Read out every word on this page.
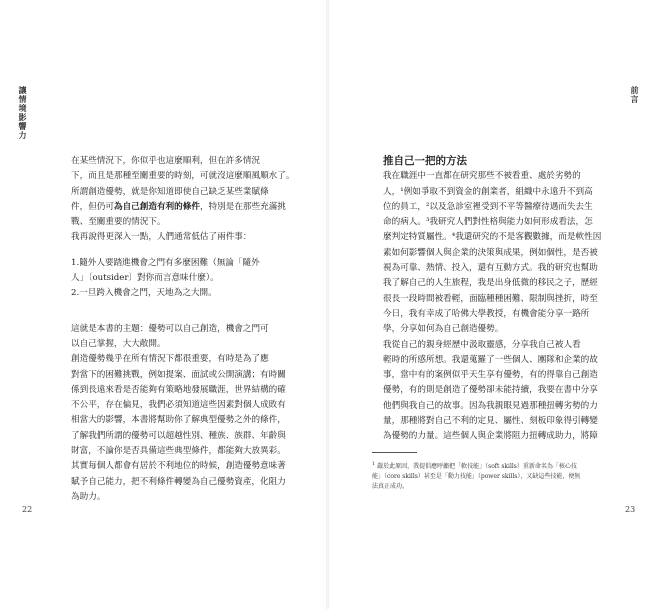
讓情境影響力	前言
在某些情況下，你似乎也這麼順利，但在許多情況
下，而且是那種至關重要的時刻，可就沒這麼順風順水了。
所謂創造優勢，就是你知道即使自己缺乏某些業賦條
件，但仍可為自己創造有利的條件，特別是在那些充滿挑
戰、至關重要的情況下。
我再說得更深入一點，人們通常低估了兩件事：
1.隨外人要踏進機會之門有多麼困難（無論「隨外
人」〔outsider〕對你而言意味什麼）。
2.一旦跨入機會之門，天地為之大開。
這就是本書的主題：優勢可以自己創造，機會之門可
以自己掌握，大大敞開。
創造優勢幾乎在所有情況下都很重要，有時是為了應
對當下的困難挑戰，例如提案、面試或公開演講；有時關
係到長遠來看是否能夠有策略地發展職涯，世界結構的確
不公平，存在偏見，我們必須知道這些因素對個人成敗有
相當大的影響，本書將幫助你了解典型優勢之外的條件，
了解我們所謂的優勢可以超越性別、種族、族群、年齡與
財富，不論你是否具備這些典型條件，都能夠大放異彩。
其實每個人都會有居於不利地位的時候，創造優勢意味著
賦予自己能力，把不利條件轉變為自己優勢資產，化阻力
為助力。
推自己一把的方法
我在職涯中一直都在研究那些不被看重、處於劣勢的
人，¹例如爭取不到資金的創業者，組織中永遠升不到高
位的員工，²以及急診室裡受到不平等醫療待遇而失去生
命的病人。³我研究人們對性格與能力如何形成看法，怎
麼判定特質屬性。⁴我還研究的不是客觀數據，而是軟性因
素如何影響個人與企業的決策與成果，例如個性，是否被
視為可靠、熱情、投入，還有互動方式。我的研究也幫助
我了解自己的人生旅程，我是出身低微的移民之子，歷經
很長一段時間被看輕，面臨種種困難、限制與挫折，時至
今日，我有幸成了哈佛大學教授，有機會能分享一路所
學，分享如何為自己創造優勢。
我從自己的親身經歷中汲取靈感，分享我自己被人看
輕時的所感所想。我還蒐羅了一些個人、團隊和企業的故
事，當中有的案例似乎天生享有優勢，有的得靠自己創造
優勢，有的則是創造了優勢卻未能持續，我要在書中分享
他們與我自己的故事。因為我親眼見過那種扭轉劣勢的力
量，那種將對自己不利的定見、屬性、刻板印象得引轉變
為優勢的力量。這些個人與企業將阻力扭轉成助力，將障
$^1$ 嚴於此原因，我提倡應呼籲把「軟技能」（soft skills）重新命名為「核心技
能」（core skills）甚至是「動力技能」（power skills），又缺這些技能，便無
法真正成功。
22	23
